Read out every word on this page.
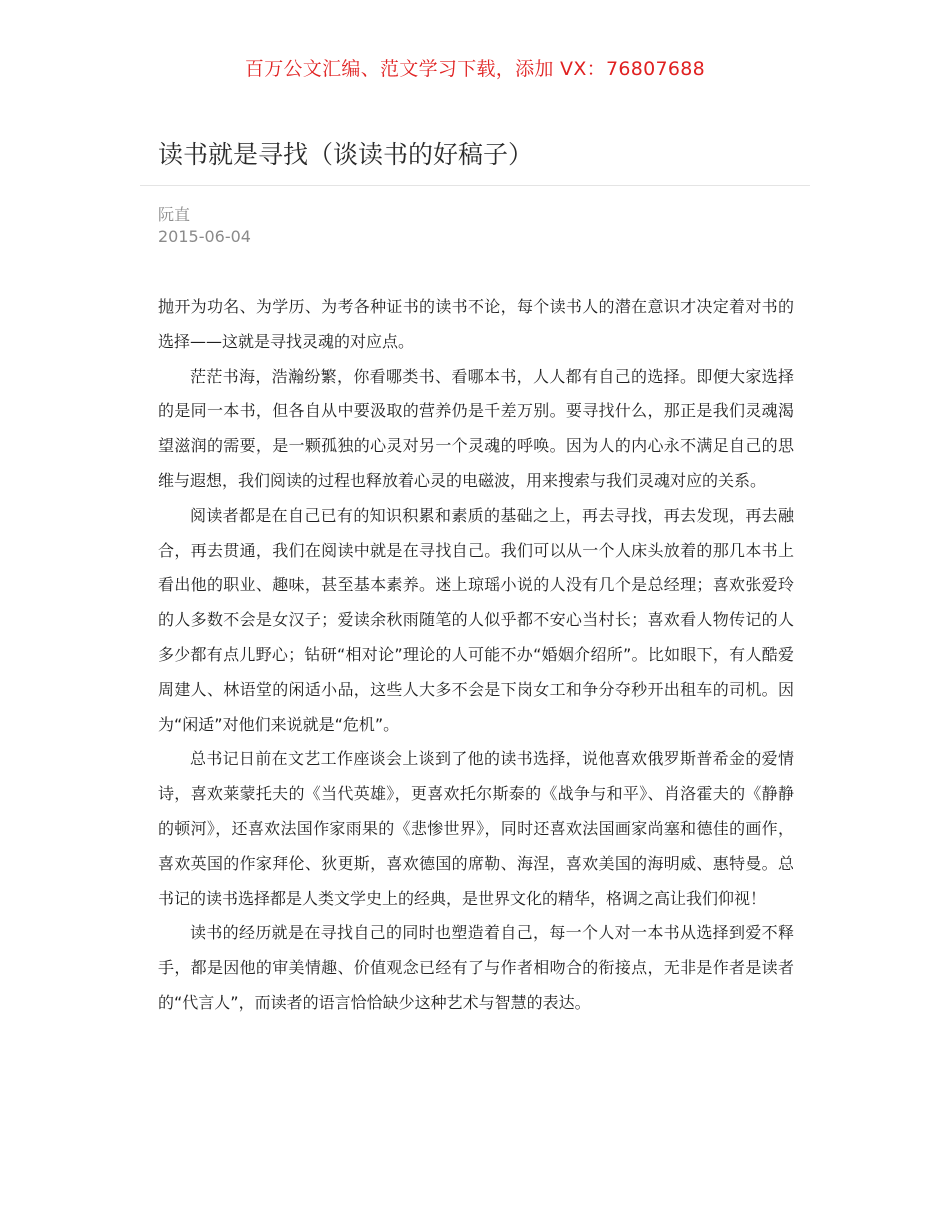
百万公文汇编、范文学习下载，添加 VX：76807688
读书就是寻找（谈读书的好稿子）
阮直
2015-06-04

抛开为功名、为学历、为考各种证书的读书不论，每个读书人的潜在意识才决定着对书的选择——这就是寻找灵魂的对应点。

茫茫书海，浩瀚纷繁，你看哪类书、看哪本书，人人都有自己的选择。即便大家选择的是同一本书，但各自从中要汲取的营养仍是千差万别。要寻找什么，那正是我们灵魂渴望滋润的需要，是一颗孤独的心灵对另一个灵魂的呼唤。因为人的内心永不满足自己的思维与遐想，我们阅读的过程也释放着心灵的电磁波，用来搜索与我们灵魂对应的关系。

阅读者都是在自己已有的知识积累和素质的基础之上，再去寻找，再去发现，再去融合，再去贯通，我们在阅读中就是在寻找自己。我们可以从一个人床头放着的那几本书上看出他的职业、趣味，甚至基本素养。迷上琼瑶小说的人没有几个是总经理；喜欢张爱玲的人多数不会是女汉子；爱读余秋雨随笔的人似乎都不安心当村长；喜欢看人物传记的人多少都有点儿野心；钻研“相对论”理论的人可能不办“婚姻介绍所”。比如眼下，有人酷爱周建人、林语堂的闲适小品，这些人大多不会是下岗女工和争分夺秒开出租车的司机。因为“闲适”对他们来说就是“危机”。

总书记日前在文艺工作座谈会上谈到了他的读书选择，说他喜欢俄罗斯普希金的爱情诗，喜欢莱蒙托夫的《当代英雄》，更喜欢托尔斯泰的《战争与和平》、肖洛霍夫的《静静的顿河》，还喜欢法国作家雨果的《悲惨世界》，同时还喜欢法国画家尚塞和德佳的画作，喜欢英国的作家拜伦、狄更斯，喜欢德国的席勒、海涅，喜欢美国的海明威、惠特曼。总书记的读书选择都是人类文学史上的经典，是世界文化的精华，格调之高让我们仰视！

读书的经历就是在寻找自己的同时也塑造着自己，每一个人对一本书从选择到爱不释手，都是因他的审美情趣、价值观念已经有了与作者相吻合的衔接点，无非是作者是读者的“代言人”，而读者的语言恰恰缺少这种艺术与智慧的表达。
